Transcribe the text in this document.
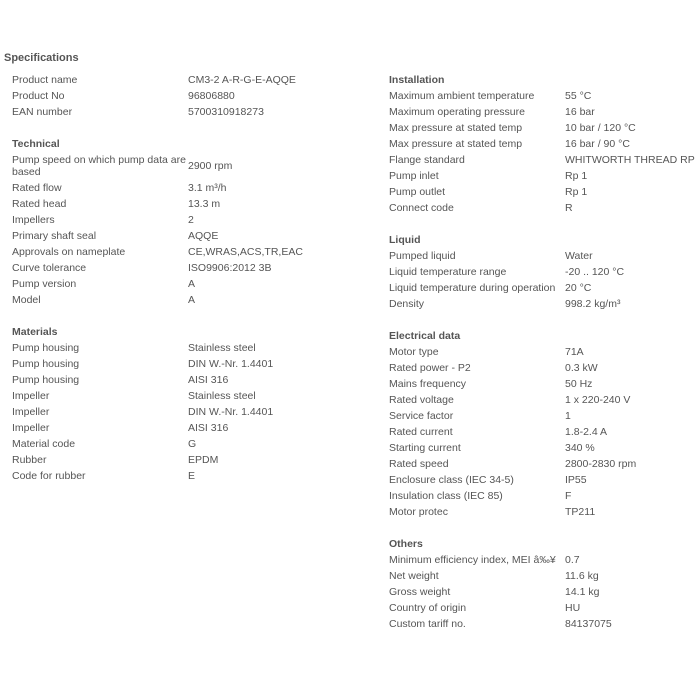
Specifications
Product name	CM3-2 A-R-G-E-AQQE
Product No	96806880
EAN number	5700310918273
Technical
Pump speed on which pump data are based	2900 rpm
Rated flow	3.1 m³/h
Rated head	13.3 m
Impellers	2
Primary shaft seal	AQQE
Approvals on nameplate	CE,WRAS,ACS,TR,EAC
Curve tolerance	ISO9906:2012 3B
Pump version	A
Model	A
Materials
Pump housing	Stainless steel
Pump housing	DIN W.-Nr. 1.4401
Pump housing	AISI 316
Impeller	Stainless steel
Impeller	DIN W.-Nr. 1.4401
Impeller	AISI 316
Material code	G
Rubber	EPDM
Code for rubber	E
Installation
Maximum ambient temperature	55 °C
Maximum operating pressure	16 bar
Max pressure at stated temp	10 bar / 120 °C
Max pressure at stated temp	16 bar / 90 °C
Flange standard	WHITWORTH THREAD RP
Pump inlet	Rp 1
Pump outlet	Rp 1
Connect code	R
Liquid
Pumped liquid	Water
Liquid temperature range	-20 .. 120 °C
Liquid temperature during operation 20 °C
Density	998.2 kg/m³
Electrical data
Motor type	71A
Rated power - P2	0.3 kW
Mains frequency	50 Hz
Rated voltage	1 x 220-240 V
Service factor	1
Rated current	1.8-2.4 A
Starting current	340 %
Rated speed	2800-2830 rpm
Enclosure class (IEC 34-5)	IP55
Insulation class (IEC 85)	F
Motor protec	TP211
Others
Minimum efficiency index, MEI â‰¥ 0.7
Net weight	11.6 kg
Gross weight	14.1 kg
Country of origin	HU
Custom tariff no.	84137075
